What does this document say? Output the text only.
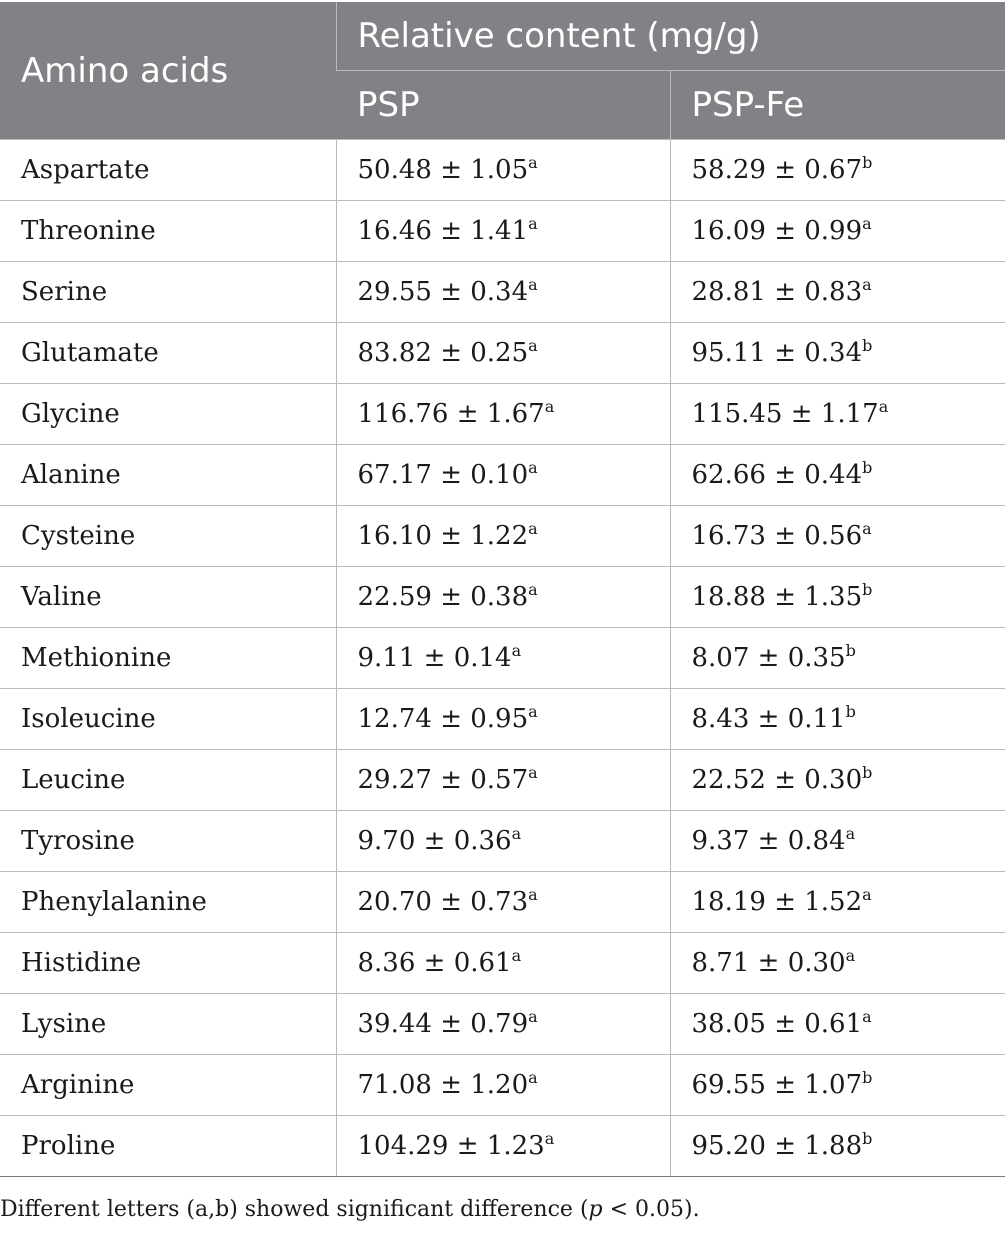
Amino acids	Relative content (mg/g)	
	PSP	PSP-Fe
Aspartate	50.48 ± 1.05$^a$	58.29 ± 0.67$^b$
Threonine	16.46 ± 1.41$^a$	16.09 ± 0.99$^a$
Serine	29.55 ± 0.34$^a$	28.81 ± 0.83$^a$
Glutamate	83.82 ± 0.25$^a$	95.11 ± 0.34$^b$
Glycine	116.76 ± 1.67$^a$	115.45 ± 1.17$^a$
Alanine	67.17 ± 0.10$^a$	62.66 ± 0.44$^b$
Cysteine	16.10 ± 1.22$^a$	16.73 ± 0.56$^a$
Valine	22.59 ± 0.38$^a$	18.88 ± 1.35$^b$
Methionine	9.11 ± 0.14$^a$	8.07 ± 0.35$^b$
Isoleucine	12.74 ± 0.95$^a$	8.43 ± 0.11$^b$
Leucine	29.27 ± 0.57$^a$	22.52 ± 0.30$^b$
Tyrosine	9.70 ± 0.36$^a$	9.37 ± 0.84$^a$
Phenylalanine	20.70 ± 0.73$^a$	18.19 ± 1.52$^a$
Histidine	8.36 ± 0.61$^a$	8.71 ± 0.30$^a$
Lysine	39.44 ± 0.79$^a$	38.05 ± 0.61$^a$
Arginine	71.08 ± 1.20$^a$	69.55 ± 1.07$^b$
Proline	104.29 ± 1.23$^a$	95.20 ± 1.88$^b$
Different letters (a,b) showed significant difference (p < 0.05).
